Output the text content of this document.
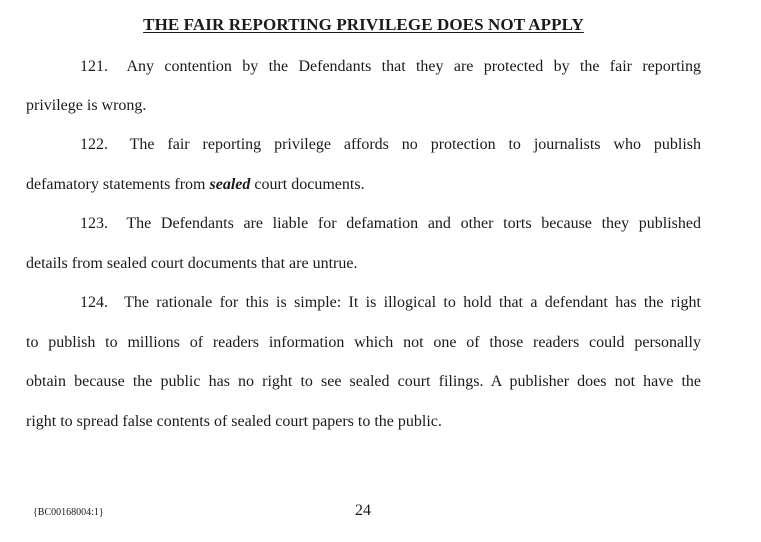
THE FAIR REPORTING PRIVILEGE DOES NOT APPLY
121. Any contention by the Defendants that they are protected by the fair reporting
privilege is wrong.
122. The fair reporting privilege affords no protection to journalists who publish
defamatory statements from sealed court documents.
123. The Defendants are liable for defamation and other torts because they published
details from sealed court documents that are untrue.
124. The rationale for this is simple: It is illogical to hold that a defendant has the right
to publish to millions of readers information which not one of those readers could personally
obtain because the public has no right to see sealed court filings. A publisher does not have the
right to spread false contents of sealed court papers to the public.
{BC00168004:1}	24
